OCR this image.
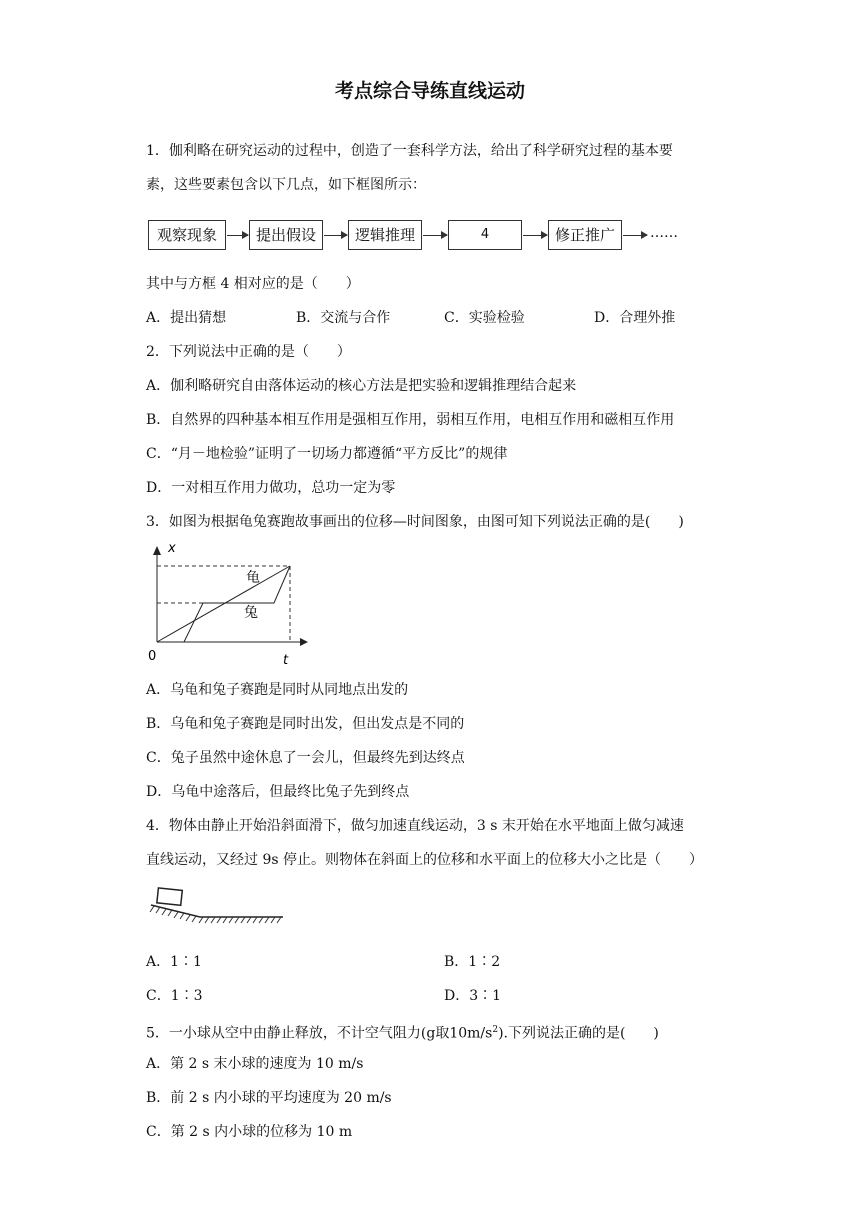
考点综合导练直线运动
1．伽利略在研究运动的过程中，创造了一套科学方法，给出了科学研究过程的基本要
素，这些要素包含以下几点，如下框图所示：
观察现象	提出假设	逻辑推理	4	修正推广	……
其中与方框 4 相对应的是（　　）
A．提出猜想	B．交流与合作	C．实验检验	D．合理外推
2．下列说法中正确的是（　　）
A．伽利略研究自由落体运动的核心方法是把实验和逻辑推理结合起来
B．自然界的四种基本相互作用是强相互作用，弱相互作用，电相互作用和磁相互作用
C．“月－地检验”证明了一切场力都遵循“平方反比”的规律
D．一对相互作用力做功，总功一定为零
3．如图为根据龟兔赛跑故事画出的位移—时间图象，由图可知下列说法正确的是(　　)
x
t
0
龟
兔
A．乌龟和兔子赛跑是同时从同地点出发的
B．乌龟和兔子赛跑是同时出发，但出发点是不同的
C．兔子虽然中途休息了一会儿，但最终先到达终点
D．乌龟中途落后，但最终比兔子先到终点
4．物体由静止开始沿斜面滑下，做匀加速直线运动，3 s 末开始在水平地面上做匀减速
直线运动，又经过 9s 停止。则物体在斜面上的位移和水平面上的位移大小之比是（　　）
A．1∶1	B．1∶2
C．1∶3	D．3∶1
5．一小球从空中由静止释放，不计空气阻力(g取$10m/s^2$).下列说法正确的是(　　)
A．第 2 s 末小球的速度为 10 m/s
B．前 2 s 内小球的平均速度为 20 m/s
C．第 2 s 内小球的位移为 10 m
